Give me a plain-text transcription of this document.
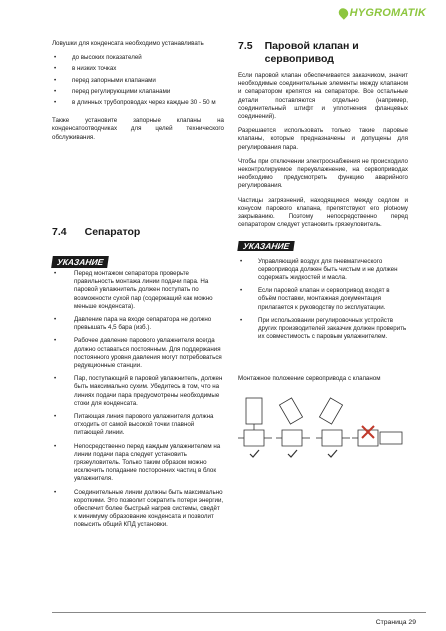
HYGROMATIK

Ловушки для конденсата необходимо устанавливать

• до высоких показателей
• в низких точках
• перед запорными клапанами
• перед регулирующими клапанами
• в длинных трубопроводах через каждые 30 - 50 м

Также установите запорные клапаны на конденсатоотводчиках для целей технического обслуживания.

7.4 Сепаратор
УКАЗАНИЕ
• Перед монтажом сепаратора проверьте правильность монтажа линии подачи пара. На паровой увлажнитель должен поступать по возможности сухой пар (содержащий как можно меньше конденсата).
• Давление пара на входе сепаратора не должно превышать 4,5 бара (изб.).
• Рабочее давление парового увлажнителя всегда должно оставаться постоянным. Для поддержания постоянного уровня давления могут потребоваться редукционные станции.
• Пар, поступающий в паровой увлажнитель, должен быть максимально сухим. Убедитесь в том, что на линиях подачи пара предусмотрены необходимые стоки для конденсата.
• Питающая линия парового увлажнителя должна отходить от самой высокой точки главной питающей линии.
• Непосредственно перед каждым увлажнителем на линии подачи пара следует установить грязеуловитель. Только таким образом можно исключить попадание посторонних частиц в блок увлажнителя.
• Соединительные линии должны быть максимально короткими. Это позволит сократить потери энергии, обеспечит более быстрый нагрев системы, сведёт к минимуму образование конденсата и позволит повысить общий КПД установки.
7.5 Паровой клапан и сервопривод

Если паровой клапан обеспечивается заказчиком, значит необходимые соединительные элементы между клапаном и сепаратором крепятся на сепараторе. Все остальные детали поставляются отдельно (например, соединительный штифт и уплотнения фланцевых соединений).

Разрешается использовать только такие паровые клапаны, которые предназначены и допущены для регулирования пара.

Чтобы при отключении электроснабжения не происходило неконтролируемое переувлажнение, на сервоприводах необходимо предусмотреть функцию аварийного регулирования.

Частицы загрязнений, находящиеся между седлом и конусом парового клапана, препятствуют его plotному закрыванию. Поэтому непосредственно перед сепаратором следует установить грязеуловитель.

УКАЗАНИЕ
• Управляющий воздух для пневматического сервопривода должен быть чистым и не должен содержать жидкостей и масла.
• Если паровой клапан и сервопривод входят в объём поставки, монтажная документация прилагается к руководству по эксплуатации.
• При использовании регулировочных устройств других производителей заказчик должен проверить их совместимость с паровым увлажнителем.
Монтажное положение сервопривода с клапаном
Страница 29
